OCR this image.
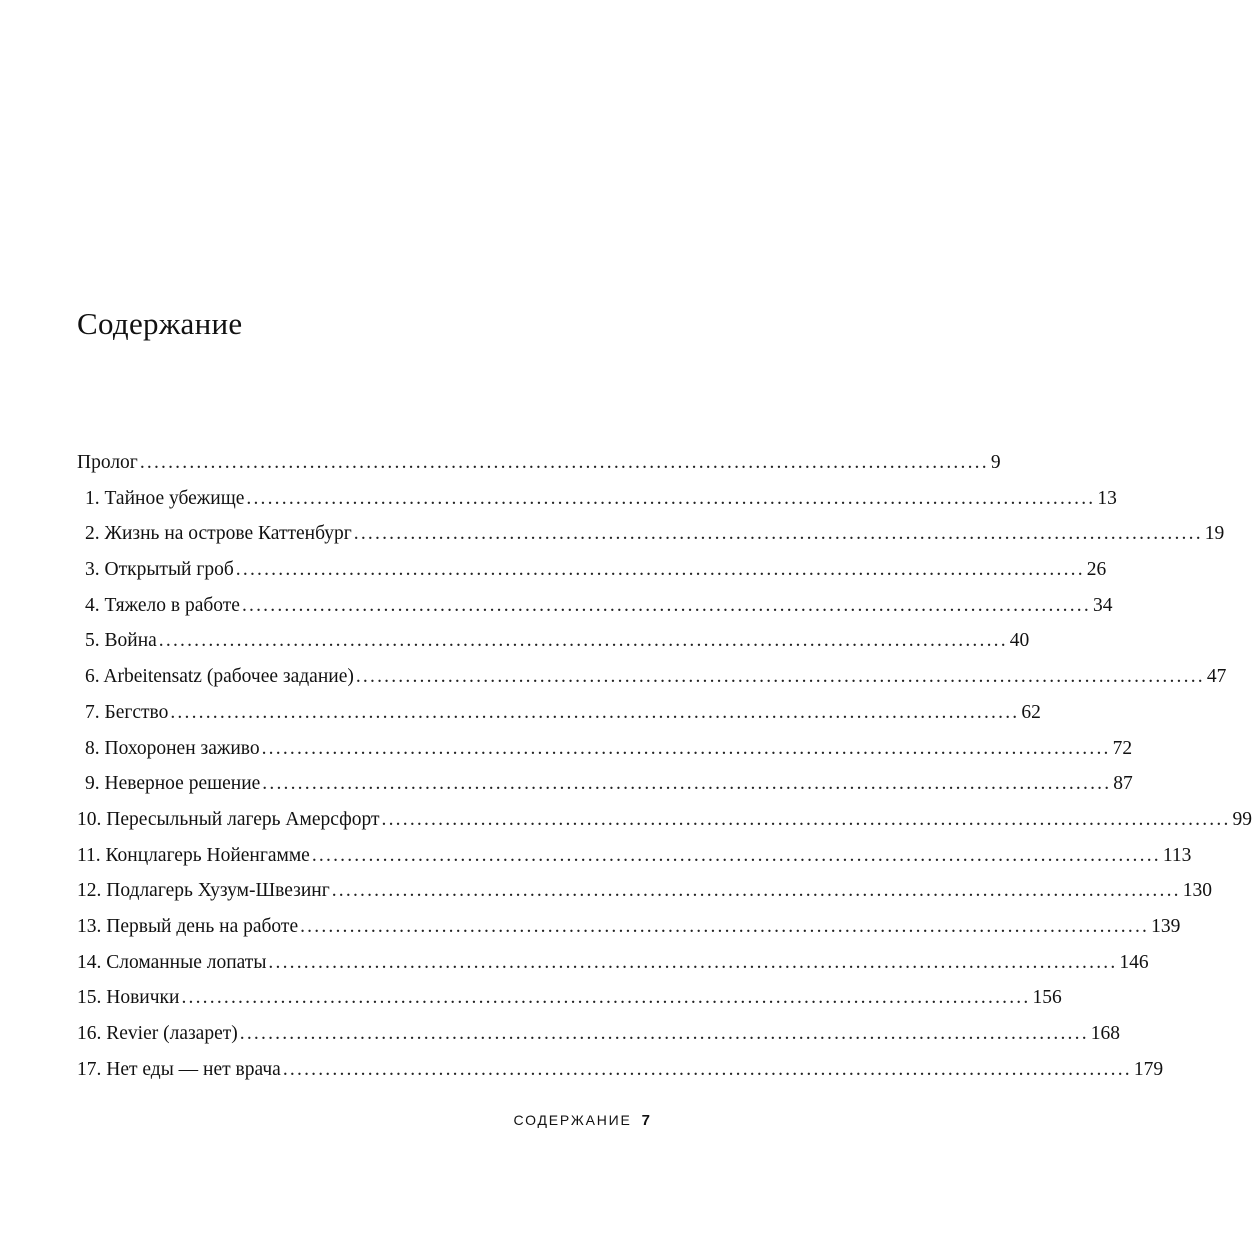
Содержание
Пролог ........................................................................................................................ 9
1. Тайное убежище ........................................................................................................................ 13
2. Жизнь на острове Каттенбург ........................................................................................................................ 19
3. Открытый гроб ........................................................................................................................ 26
4. Тяжело в работе ........................................................................................................................ 34
5. Война ........................................................................................................................ 40
6. Arbeitensatz (рабочее задание) ........................................................................................................................ 47
7. Бегство ........................................................................................................................ 62
8. Похоронен заживо ........................................................................................................................ 72
9. Неверное решение ........................................................................................................................ 87
10. Пересыльный лагерь Амерсфорт ........................................................................................................................ 99
11. Концлагерь Нойенгамме ........................................................................................................................ 113
12. Подлагерь Хузум-Швезинг ........................................................................................................................ 130
13. Первый день на работе ........................................................................................................................ 139
14. Сломанные лопаты ........................................................................................................................ 146
15. Новички ........................................................................................................................ 156
16. Revier (лазарет) ........................................................................................................................ 168
17. Нет еды — нет врача ........................................................................................................................ 179
СОДЕРЖАНИЕ 7
